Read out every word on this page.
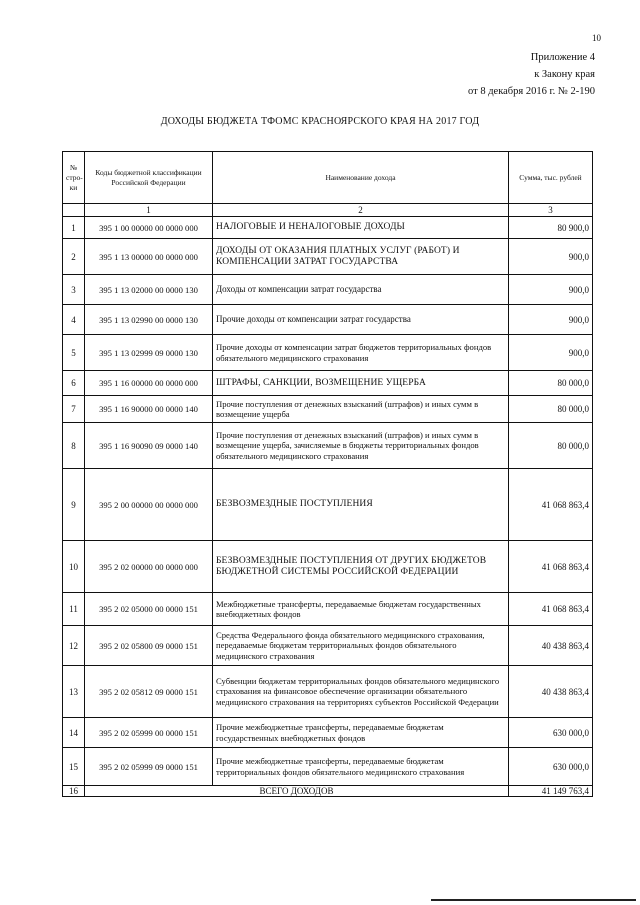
10
Приложение 4
к Закону края
от 8 декабря 2016 г. № 2-190
ДОХОДЫ БЮДЖЕТА ТФОМС КРАСНОЯРСКОГО КРАЯ НА 2017 ГОД
№ стро-ки	Коды бюджетной классификации Российской Федерации	Наименование дохода	Сумма, тыс. рублей
	1	2	3
1	395 1 00 00000 00 0000 000	НАЛОГОВЫЕ И НЕНАЛОГОВЫЕ ДОХОДЫ	80 900,0
2	395 1 13 00000 00 0000 000	ДОХОДЫ ОТ ОКАЗАНИЯ ПЛАТНЫХ УСЛУГ (РАБОТ) И КОМПЕНСАЦИИ ЗАТРАТ ГОСУДАРСТВА	900,0
3	395 1 13 02000 00 0000 130	Доходы от компенсации затрат государства	900,0
4	395 1 13 02990 00 0000 130	Прочие доходы от компенсации затрат государства	900,0
5	395 1 13 02999 09 0000 130	Прочие доходы от компенсации затрат бюджетов территориальных фондов обязательного медицинского страхования	900,0
6	395 1 16 00000 00 0000 000	ШТРАФЫ, САНКЦИИ, ВОЗМЕЩЕНИЕ УЩЕРБА	80 000,0
7	395 1 16 90000 00 0000 140	Прочие поступления от денежных взысканий (штрафов) и иных сумм в возмещение ущерба	80 000,0
8	395 1 16 90090 09 0000 140	Прочие поступления от денежных взысканий (штрафов) и иных сумм в возмещение ущерба, зачисляемые в бюджеты территориальных фондов обязательного медицинского страхования	80 000,0
9	395 2 00 00000 00 0000 000	БЕЗВОЗМЕЗДНЫЕ ПОСТУПЛЕНИЯ	41 068 863,4
10	395 2 02 00000 00 0000 000	БЕЗВОЗМЕЗДНЫЕ ПОСТУПЛЕНИЯ ОТ ДРУГИХ БЮДЖЕТОВ БЮДЖЕТНОЙ СИСТЕМЫ РОССИЙСКОЙ ФЕДЕРАЦИИ	41 068 863,4
11	395 2 02 05000 00 0000 151	Межбюджетные трансферты, передаваемые бюджетам государственных внебюджетных фондов	41 068 863,4
12	395 2 02 05800 09 0000 151	Средства Федерального фонда обязательного медицинского страхования, передаваемые бюджетам территориальных фондов обязательного медицинского страхования	40 438 863,4
13	395 2 02 05812 09 0000 151	Субвенции бюджетам территориальных фондов обязательного медицинского страхования на финансовое обеспечение организации обязательного медицинского страхования на территориях субъектов Российской Федерации	40 438 863,4
14	395 2 02 05999 00 0000 151	Прочие межбюджетные трансферты, передаваемые бюджетам государственных внебюджетных фондов	630 000,0
15	395 2 02 05999 09 0000 151	Прочие межбюджетные трансферты, передаваемые бюджетам территориальных фондов обязательного медицинского страхования	630 000,0
16	ВСЕГО ДОХОДОВ		41 149 763,4
